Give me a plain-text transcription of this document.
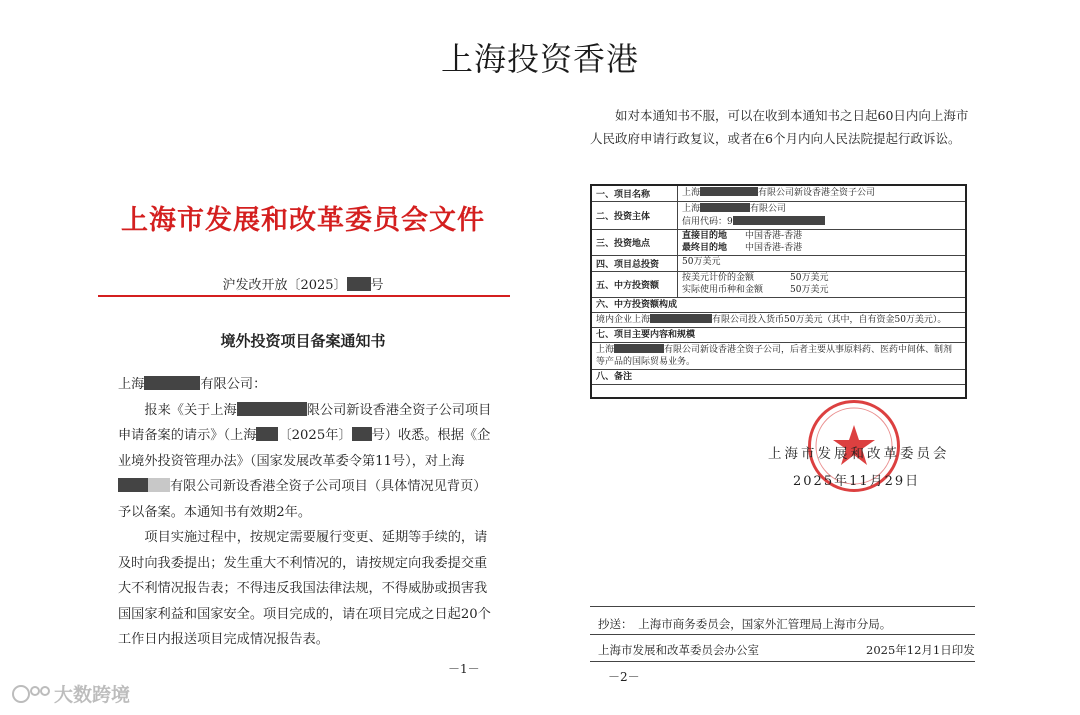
上海投资香港
上海市发展和改革委员会文件
沪发改开放〔2025〕 号
境外投资项目备案通知书

上海	有限公司：

报来《关于上海	限公司新设香港全资子公司项目申请备案的请示》（上海 〔2025年〕 号）收悉。根据《企业境外投资管理办法》（国家发展改革委令第11号），对上海有限公司新设香港全资子公司项目（具体情况见背页）予以备案。本通知书有效期2年。

项目实施过程中，按规定需要履行变更、延期等手续的，请及时向我委提出；发生重大不利情况的，请按规定向我委提交重大不利情况报告表；不得违反我国法律法规，不得威胁或损害我国国家利益和国家安全。项目完成的，请在项目完成之日起20个工作日内报送项目完成情况报告表。

－1－

如对本通知书不服，可以在收到本通知书之日起60日内向上海市人民政府申请行政复议，或者在6个月内向人民法院提起行政诉讼。

一、项目名称	上海	有限公司新设香港全资子公司
二、投资主体
上海	有限公司
信用代码：9
三、投资地点
直接目的地　　 中国香港-香港
最终目的地　　 中国香港-香港
四、项目总投资	50万美元
五、中方投资额
按美元计价的金额　　　　	50万美元
实际使用币种和金额　　　	50万美元
六、中方投资额构成
境内企业上海	有限公司投入货币50万美元（其中，自有资金50万美元）。
七、项目主要内容和规模
上海	有限公司新设香港全资子公司，后者主要从事原料药、医药中间体、制剂等产品的国际贸易业务。
八、备注
上海市发展和改革委员会
2025年11月29日
抄送：　上海市商务委员会，国家外汇管理局上海市分局。
上海市发展和改革委员会办公室	2025年12月1日印发
－2－
大数跨境
